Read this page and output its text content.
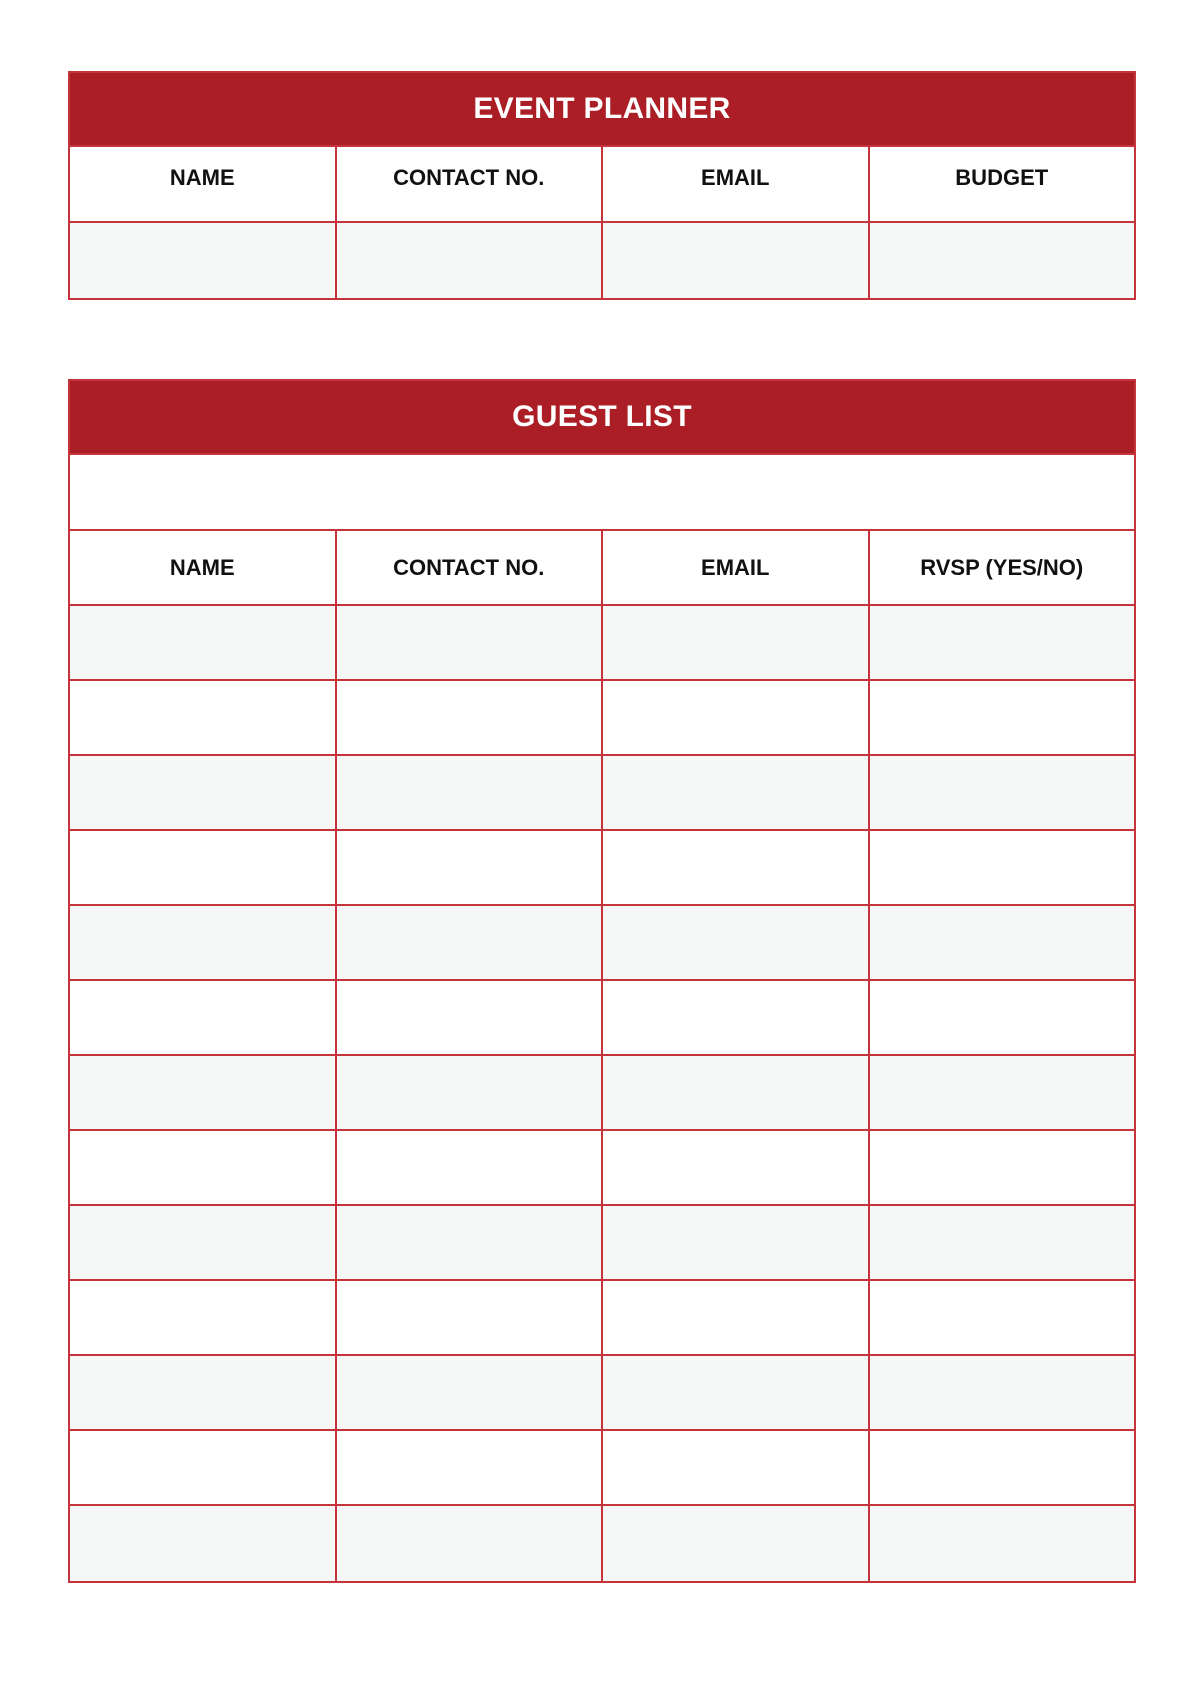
EVENT PLANNER
NAME	CONTACT NO.	EMAIL	BUDGET
GUEST LIST
NAME	CONTACT NO.	EMAIL	RVSP (YES/NO)
